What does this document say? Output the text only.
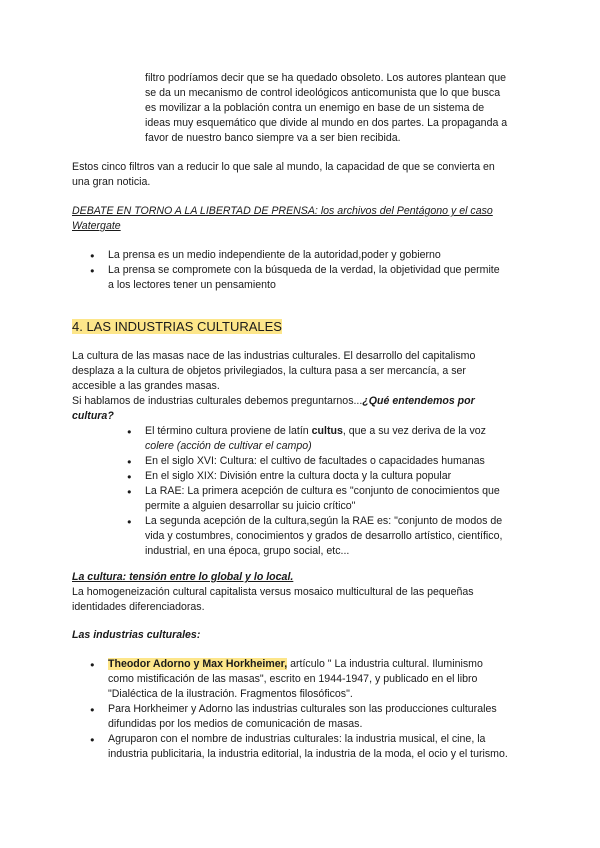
filtro podríamos decir que se ha quedado obsoleto. Los autores plantean que

se da un mecanismo de control ideológicos anticomunista que lo que busca

es movilizar a la población contra un enemigo en base de un sistema de

ideas muy esquemático que divide al mundo en dos partes. La propaganda a

favor de nuestro banco siempre va a ser bien recibida.

Estos cinco filtros van a reducir lo que sale al mundo, la capacidad de que se convierta en

una gran noticia.

DEBATE EN TORNO A LA LIBERTAD DE PRENSA: los archivos del Pentágono y el caso

Watergate

● La prensa es un medio independiente de la autoridad,poder y gobierno

● La prensa se compromete con la búsqueda de la verdad, la objetividad que permite

a los lectores tener un pensamiento

4. LAS INDUSTRIAS CULTURALES

La cultura de las masas nace de las industrias culturales. El desarrollo del capitalismo

desplaza a la cultura de objetos privilegiados, la cultura pasa a ser mercancía, a ser

accesible a las grandes masas.

Si hablamos de industrias culturales debemos preguntarnos...¿Qué entendemos por

cultura?

● El término cultura proviene de latín cultus, que a su vez deriva de la voz

colere (acción de cultivar el campo)

● En el siglo XVI: Cultura: el cultivo de facultades o capacidades humanas

● En el siglo XIX: División entre la cultura docta y la cultura popular

● La RAE: La primera acepción de cultura es "conjunto de conocimientos que

permite a alguien desarrollar su juicio crítico"

● La segunda acepción de la cultura,según la RAE es: "conjunto de modos de

vida y costumbres, conocimientos y grados de desarrollo artístico, científico,

industrial, en una época, grupo social, etc...

La cultura: tensión entre lo global y lo local.

La homogeneización cultural capitalista versus mosaico multicultural de las pequeñas

identidades diferenciadoras.

Las industrias culturales:

● Theodor Adorno y Max Horkheimer, artículo " La industria cultural. Iluminismo

como mistificación de las masas", escrito en 1944-1947, y publicado en el libro

"Dialéctica de la ilustración. Fragmentos filosóficos".

● Para Horkheimer y Adorno las industrias culturales son las producciones culturales

difundidas por los medios de comunicación de masas.

● Agruparon con el nombre de industrias culturales: la industria musical, el cine, la

industria publicitaria, la industria editorial, la industria de la moda, el ocio y el turismo.
